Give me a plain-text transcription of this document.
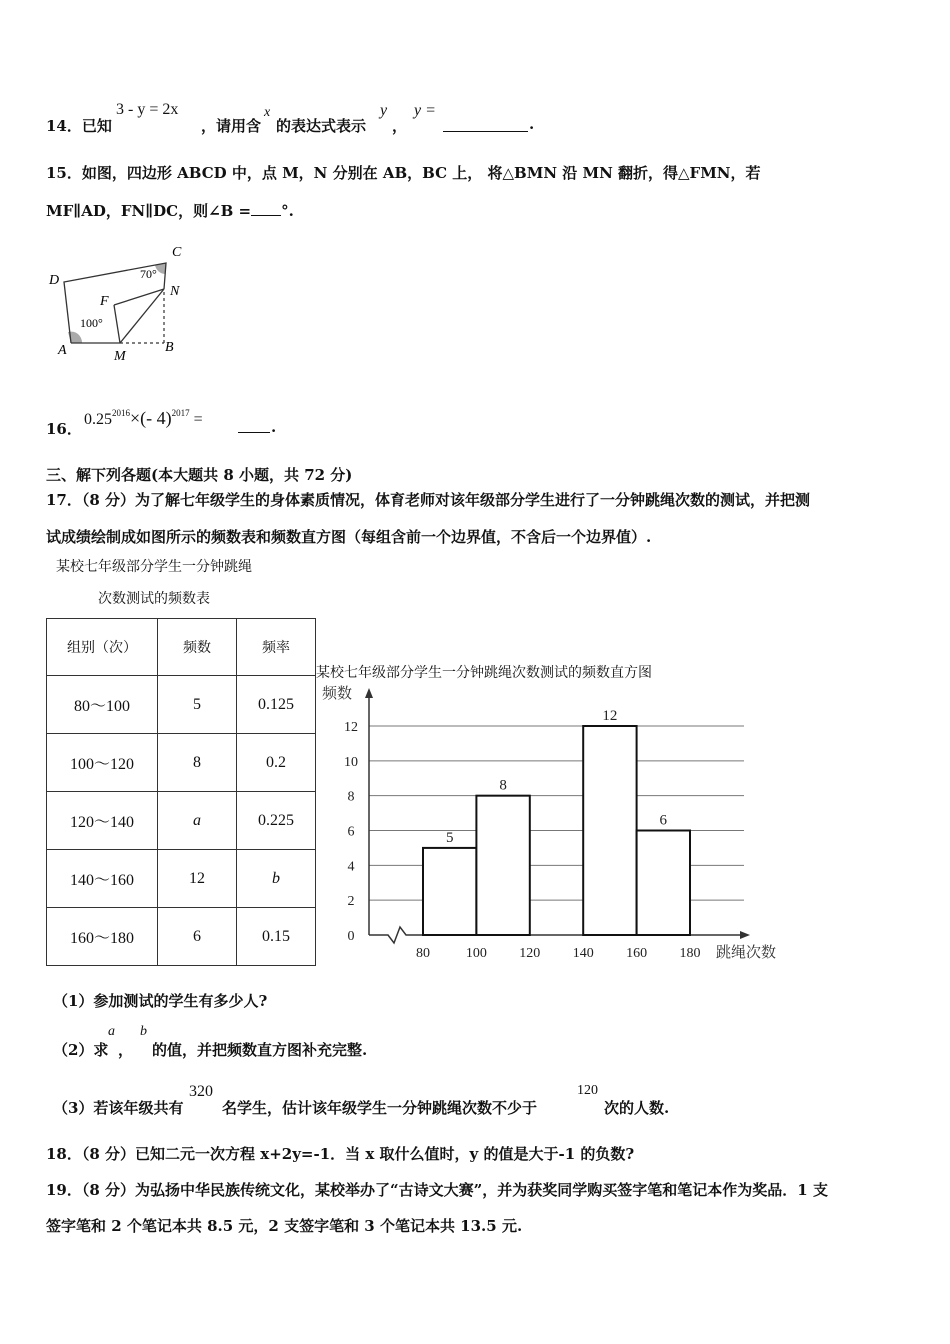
14．已知
3 - y = 2x
，请用含
x
的表达式表示
y
，
y =
.
15．如图，四边形 ABCD 中，点 M，N 分别在 AB，BC 上， 将△BMN 沿 MN 翻折，得△FMN，若
MF∥AD，FN∥DC，则∠B = °.
D
C
70°
F
N
100°
A	M
B
16．
$0.25^{2016}\times(-$ 4)$^{2017}$ =	.
三、解下列各题(本大题共 8 小题，共 72 分)
17．（8 分）为了解七年级学生的身体素质情况，体育老师对该年级部分学生进行了一分钟跳绳次数的测试，并把测
试成绩绘制成如图所示的频数表和频数直方图（每组含前一个边界值，不含后一个边界值）.
某校七年级部分学生一分钟跳绳
次数测试的频数表
组别（次）	频数	频率
80～100	5	0.125
100～120	8	0.2
120～140	a	0.225
140～160	12	b
160～180	6	0.15
某校七年级部分学生一分钟跳绳次数测试的频数直方图
0
2
4
6
8
10
12
频数
80	100 120 140 160 180 跳绳次数
5
8
12
6
（1）参加测试的学生有多少人?
（2）求
a
，
b
的值，并把频数直方图补充完整.
（3）若该年级共有
320
名学生，估计该年级学生一分钟跳绳次数不少于
120
次的人数.
18．（8 分）已知二元一次方程 x+2y=-1．当 x 取什么值时，y 的值是大于-1 的负数?
19．（8 分）为弘扬中华民族传统文化，某校举办了“古诗文大赛”，并为获奖同学购买签字笔和笔记本作为奖品．1 支
签字笔和 2 个笔记本共 8.5 元，2 支签字笔和 3 个笔记本共 13.5 元.
